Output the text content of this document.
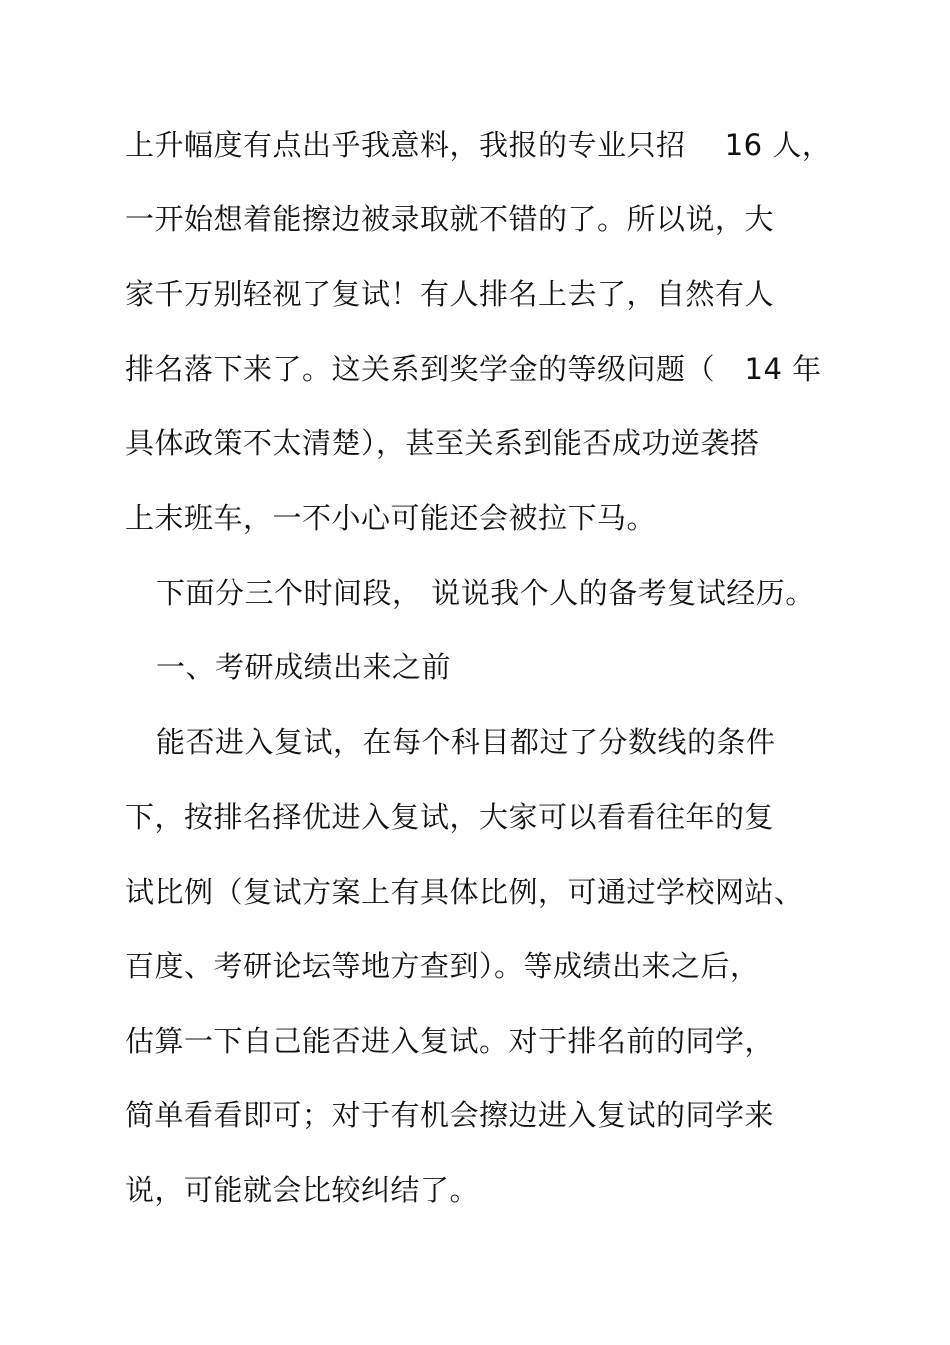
上升幅度有点出乎我意料，我报的专业只招　 16 人，

一开始想着能擦边被录取就不错的了。所以说，大

家千万别轻视了复试！有人排名上去了，自然有人

排名落下来了。这关系到奖学金的等级问题（　14 年

具体政策不太清楚），甚至关系到能否成功逆袭搭

上末班车，一不小心可能还会被拉下马。

下面分三个时间段， 说说我个人的备考复试经历。

一、考研成绩出来之前

能否进入复试，在每个科目都过了分数线的条件

下，按排名择优进入复试，大家可以看看往年的复

试比例（复试方案上有具体比例，可通过学校网站、

百度、考研论坛等地方查到）。等成绩出来之后，

估算一下自己能否进入复试。对于排名前的同学，

简单看看即可；对于有机会擦边进入复试的同学来

说，可能就会比较纠结了。
